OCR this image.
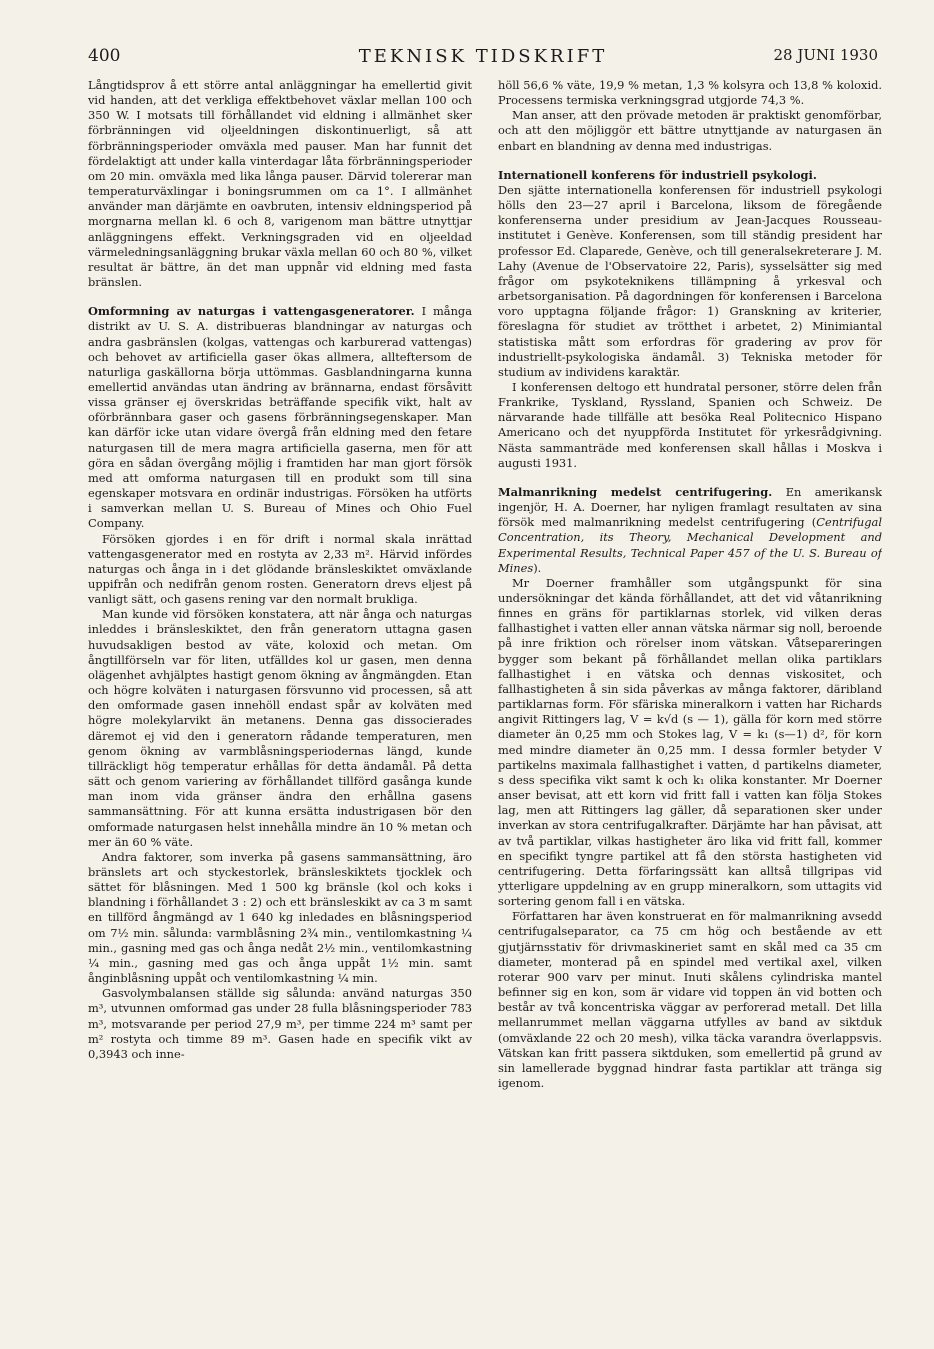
400	TEKNISK TIDSKRIFT	28 JUNI 1930

Långtidsprov å ett större antal anläggningar ha emellertid givit vid handen, att det verkliga effektbehovet växlar mellan 100 och 350 W. I motsats till förhållandet vid eldning i allmänhet sker förbränningen vid oljeeldningen diskontinuerligt, så att förbränningsperioder omväxla med pauser. Man har funnit det fördelaktigt att under kalla vinterdagar låta förbränningsperioder om 20 min. omväxla med lika långa pauser. Därvid tolererar man temperaturväxlingar i boningsrummen om ca 1°. I allmänhet använder man därjämte en oavbruten, intensiv eldningsperiod på morgnarna mellan kl. 6 och 8, varigenom man bättre utnyttjar anläggningens effekt. Verkningsgraden vid en oljeeldad värmeledningsanläggning brukar växla mellan 60 och 80 %, vilket resultat är bättre, än det man uppnår vid eldning med fasta bränslen.

Omformning av naturgas i vattengasgeneratorer. I många distrikt av U. S. A. distribueras blandningar av naturgas och andra gasbränslen (kolgas, vattengas och karburerad vattengas) och behovet av artificiella gaser ökas allmera, allteftersom de naturliga gaskällorna börja uttömmas. Gasblandningarna kunna emellertid användas utan ändring av brännarna, endast försåvitt vissa gränser ej överskridas beträffande specifik vikt, halt av oförbrännbara gaser och gasens förbränningsegenskaper. Man kan därför icke utan vidare övergå från eldning med den fetare naturgasen till de mera magra artificiella gaserna, men för att göra en sådan övergång möjlig i framtiden har man gjort försök med att omforma naturgasen till en produkt som till sina egenskaper motsvara en ordinär industrigas. Försöken ha utförts i samverkan mellan U. S. Bureau of Mines och Ohio Fuel Company.

Försöken gjordes i en för drift i normal skala inrättad vattengasgenerator med en rostyta av 2,33 m². Härvid infördes naturgas och ånga in i det glödande bränsleskiktet omväxlande uppifrån och nedifrån genom rosten. Generatorn drevs eljest på vanligt sätt, och gasens rening var den normalt brukliga.

Man kunde vid försöken konstatera, att när ånga och naturgas inleddes i bränsleskiktet, den från generatorn uttagna gasen huvudsakligen bestod av väte, koloxid och metan. Om ångtillförseln var för liten, utfälldes kol ur gasen, men denna olägenhet avhjälptes hastigt genom ökning av ångmängden. Etan och högre kolväten i naturgasen försvunno vid processen, så att den omformade gasen innehöll endast spår av kolväten med högre molekylarvikt än metanens. Denna gas dissocierades däremot ej vid den i generatorn rådande temperaturen, men genom ökning av varmblåsningsperiodernas längd, kunde tillräckligt hög temperatur erhållas för detta ändamål. På detta sätt och genom variering av förhållandet tillförd gasånga kunde man inom vida gränser ändra den erhållna gasens sammansättning. För att kunna ersätta industrigasen bör den omformade naturgasen helst innehålla mindre än 10 % metan och mer än 60 % väte.

Andra faktorer, som inverka på gasens sammansättning, äro bränslets art och styckestorlek, bränsleskiktets tjocklek och sättet för blåsningen. Med 1 500 kg bränsle (kol och koks i blandning i förhållandet 3 : 2) och ett bränsleskikt av ca 3 m samt en tillförd ångmängd av 1 640 kg inledades en blåsningsperiod om 7½ min. sålunda: varmblåsning 2¾ min., ventilomkastning ¼ min., gasning med gas och ånga nedåt 2½ min., ventilomkastning ¼ min., gasning med gas och ånga uppåt 1½ min. samt ånginblåsning uppåt och ventilomkastning ¼ min.

Gasvolymbalansen ställde sig sålunda: använd naturgas 350 m³, utvunnen omformad gas under 28 fulla blåsningsperioder 783 m³, motsvarande per period 27,9 m³, per timme 224 m³ samt per m² rostyta och timme 89 m³. Gasen hade en specifik vikt av 0,3943 och inne-

höll 56,6 % väte, 19,9 % metan, 1,3 % kolsyra och 13,8 % koloxid. Processens termiska verkningsgrad utgjorde 74,3 %.

Man anser, att den prövade metoden är praktiskt genomförbar, och att den möjliggör ett bättre utnyttjande av naturgasen än enbart en blandning av denna med industrigas.

Internationell konferens för industriell psykologi.

Den sjätte internationella konferensen för industriell psykologi hölls den 23—27 april i Barcelona, liksom de föregående konferenserna under presidium av Jean-Jacques Rousseau-institutet i Genève. Konferensen, som till ständig president har professor Ed. Claparede, Genève, och till generalsekreterare J. M. Lahy (Avenue de l'Observatoire 22, Paris), sysselsätter sig med frågor om psykoteknikens tillämpning å yrkesval och arbetsorganisation. På dagordningen för konferensen i Barcelona voro upptagna följande frågor: 1) Granskning av kriterier, föreslagna för studiet av trötthet i arbetet, 2) Minimiantal statistiska mått som erfordras för gradering av prov för industriellt-psykologiska ändamål. 3) Tekniska metoder för studium av individens karaktär.

I konferensen deltogo ett hundratal personer, större delen från Frankrike, Tyskland, Ryssland, Spanien och Schweiz. De närvarande hade tillfälle att besöka Real Politecnico Hispano Americano och det nyuppförda Institutet för yrkesrådgivning. Nästa sammanträde med konferensen skall hållas i Moskva i augusti 1931.

Malmanrikning medelst centrifugering. En amerikansk ingenjör, H. A. Doerner, har nyligen framlagt resultaten av sina försök med malmanrikning medelst centrifugering (Centrifugal Concentration, its Theory, Mechanical Development and Experimental Results, Technical Paper 457 of the U. S. Bureau of Mines).

Mr Doerner framhåller som utgångspunkt för sina undersökningar det kända förhållandet, att det vid våtanrikning finnes en gräns för partiklarnas storlek, vid vilken deras fallhastighet i vatten eller annan vätska närmar sig noll, beroende på inre friktion och rörelser inom vätskan. Våtsepareringen bygger som bekant på förhållandet mellan olika partiklars fallhastighet i en vätska och dennas viskositet, och fallhastigheten å sin sida påverkas av många faktorer, däribland partiklarnas form. För sfäriska mineralkorn i vatten har Richards angivit Rittingers lag, V = k√d (s — 1), gälla för korn med större diameter än 0,25 mm och Stokes lag, V = k₁ (s—1) d², för korn med mindre diameter än 0,25 mm. I dessa formler betyder V partikelns maximala fallhastighet i vatten, d partikelns diameter, s dess specifika vikt samt k och k₁ olika konstanter. Mr Doerner anser bevisat, att ett korn vid fritt fall i vatten kan följa Stokes lag, men att Rittingers lag gäller, då separationen sker under inverkan av stora centrifugalkrafter. Därjämte har han påvisat, att av två partiklar, vilkas hastigheter äro lika vid fritt fall, kommer en specifikt tyngre partikel att få den största hastigheten vid centrifugering. Detta förfaringssätt kan alltså tillgripas vid ytterligare uppdelning av en grupp mineralkorn, som uttagits vid sortering genom fall i en vätska.

Författaren har även konstruerat en för malmanrikning avsedd centrifugalseparator, ca 75 cm hög och bestående av ett gjutjärnsstativ för drivmaskineriet samt en skål med ca 35 cm diameter, monterad på en spindel med vertikal axel, vilken roterar 900 varv per minut. Inuti skålens cylindriska mantel befinner sig en kon, som är vidare vid toppen än vid botten och består av två koncentriska väggar av perforerad metall. Det lilla mellanrummet mellan väggarna utfylles av band av siktduk (omväxlande 22 och 20 mesh), vilka täcka varandra överlappsvis. Vätskan kan fritt passera siktduken, som emellertid på grund av sin lamellerade byggnad hindrar fasta partiklar att tränga sig igenom.
